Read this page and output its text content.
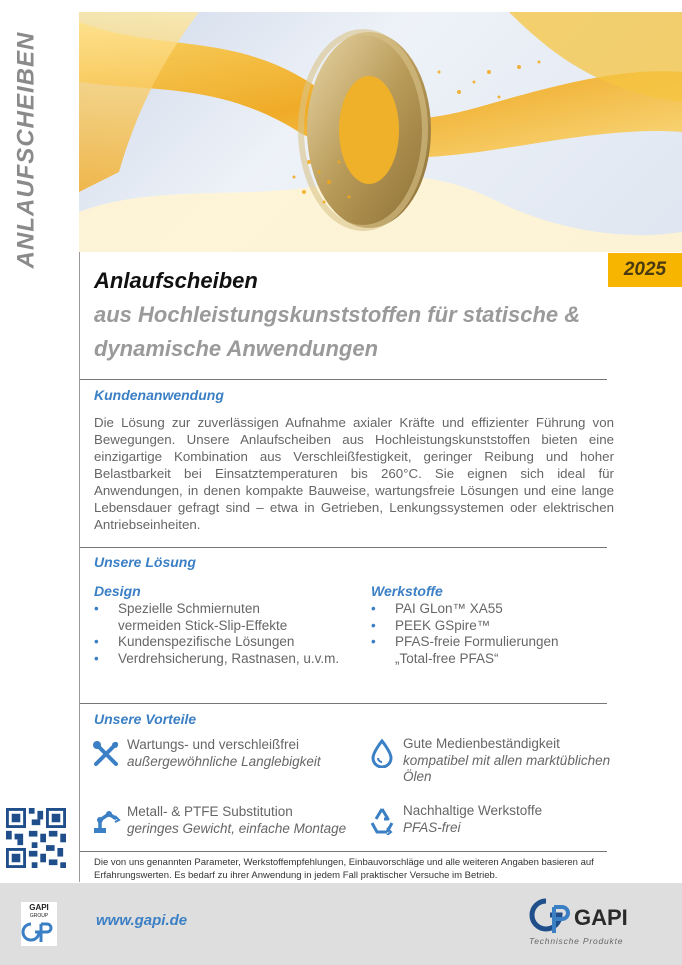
ANLAUFSCHEIBEN
2025
Anlaufscheiben
aus Hochleistungskunststoffen für statische & dynamische Anwendungen
Kundenanwendung
Die Lösung zur zuverlässigen Aufnahme axialer Kräfte und effizienter Führung von Bewegungen. Unsere Anlaufscheiben aus Hochleistungskunststoffen bieten eine einzigartige Kombination aus Verschleißfestigkeit, geringer Reibung und hoher Belastbarkeit bei Einsatztemperaturen bis 260°C. Sie eignen sich ideal für Anwendungen, in denen kompakte Bauweise, wartungsfreie Lösungen und eine lange Lebensdauer gefragt sind – etwa in Getrieben, Lenkungssystemen oder elektrischen Antriebseinheiten.
Unsere Lösung
Design
• Spezielle Schmiernuten vermeiden Stick-Slip-Effekte
• Kundenspezifische Lösungen
• Verdrehsicherung, Rastnasen, u.v.m.
Werkstoffe
• PAI GLon™ XA55
• PEEK GSpire™
• PFAS-freie Formulierungen „Total-free PFAS“
Unsere Vorteile
Wartungs- und verschleißfrei
außergewöhnliche Langlebigkeit
Gute Medienbeständigkeit
kompatibel mit allen marktüblichen Ölen
Metall- & PTFE Substitution
geringes Gewicht, einfache Montage
Nachhaltige Werkstoffe
PFAS-frei
Die von uns genannten Parameter, Werkstoffempfehlungen, Einbauvorschläge und alle weiteren Angaben basieren auf Erfahrungswerten. Es bedarf zu ihrer Anwendung in jedem Fall praktischer Versuche im Betrieb.
GAPI
GROUP	www.gapi.de	GAPI
Technische Produkte
